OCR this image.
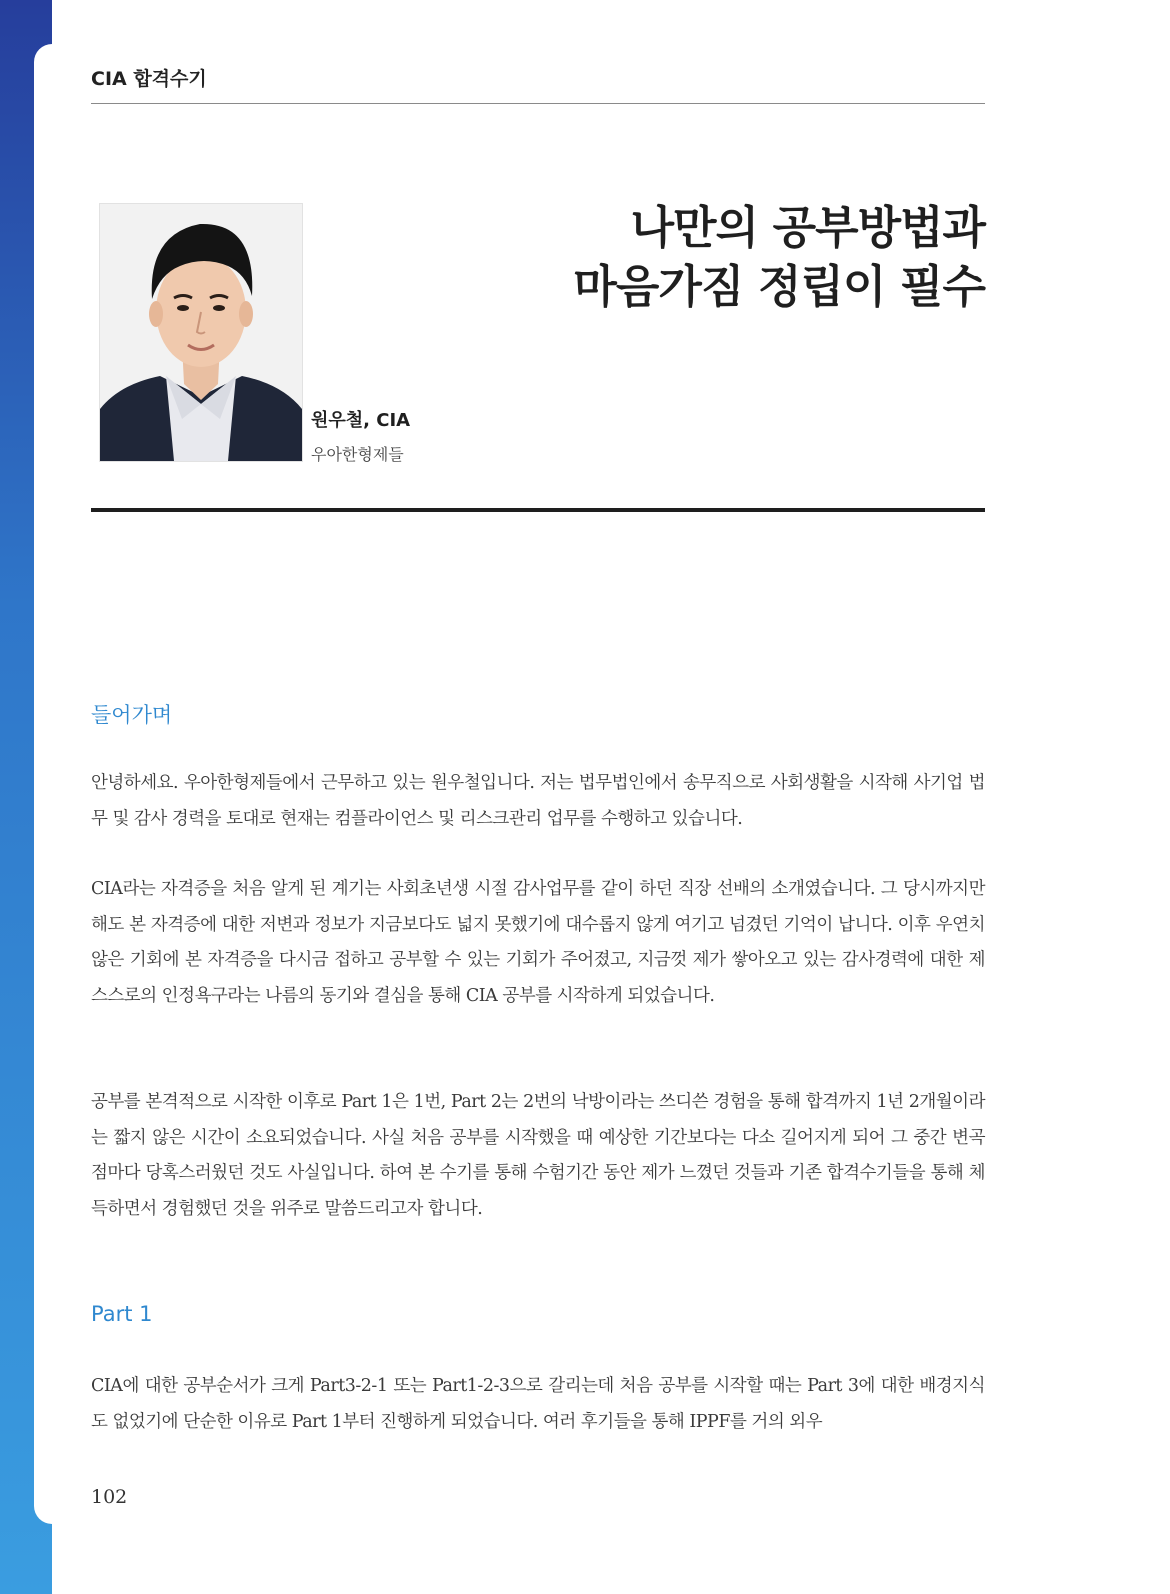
CIA 합격수기
나만의 공부방법과
마음가짐 정립이 필수
원우철, CIA
우아한형제들
들어가며
안녕하세요. 우아한형제들에서 근무하고 있는 원우철입니다. 저는 법무법인에서 송무직으로 사회생활을 시작해 사기업 법무 및 감사 경력을 토대로 현재는 컴플라이언스 및 리스크관리 업무를 수행하고 있습니다.
CIA라는 자격증을 처음 알게 된 계기는 사회초년생 시절 감사업무를 같이 하던 직장 선배의 소개였습니다. 그 당시까지만 해도 본 자격증에 대한 저변과 정보가 지금보다도 넓지 못했기에 대수롭지 않게 여기고 넘겼던 기억이 납니다. 이후 우연치 않은 기회에 본 자격증을 다시금 접하고 공부할 수 있는 기회가 주어졌고, 지금껏 제가 쌓아오고 있는 감사경력에 대한 제 스스로의 인정욕구라는 나름의 동기와 결심을 통해 CIA 공부를 시작하게 되었습니다.
공부를 본격적으로 시작한 이후로 Part 1은 1번, Part 2는 2번의 낙방이라는 쓰디쓴 경험을 통해 합격까지 1년 2개월이라는 짧지 않은 시간이 소요되었습니다. 사실 처음 공부를 시작했을 때 예상한 기간보다는 다소 길어지게 되어 그 중간 변곡점마다 당혹스러웠던 것도 사실입니다. 하여 본 수기를 통해 수험기간 동안 제가 느꼈던 것들과 기존 합격수기들을 통해 체득하면서 경험했던 것을 위주로 말씀드리고자 합니다.
Part 1
CIA에 대한 공부순서가 크게 Part3-2-1 또는 Part1-2-3으로 갈리는데 처음 공부를 시작할 때는 Part 3에 대한 배경지식도 없었기에 단순한 이유로 Part 1부터 진행하게 되었습니다. 여러 후기들을 통해 IPPF를 거의 외우
102
